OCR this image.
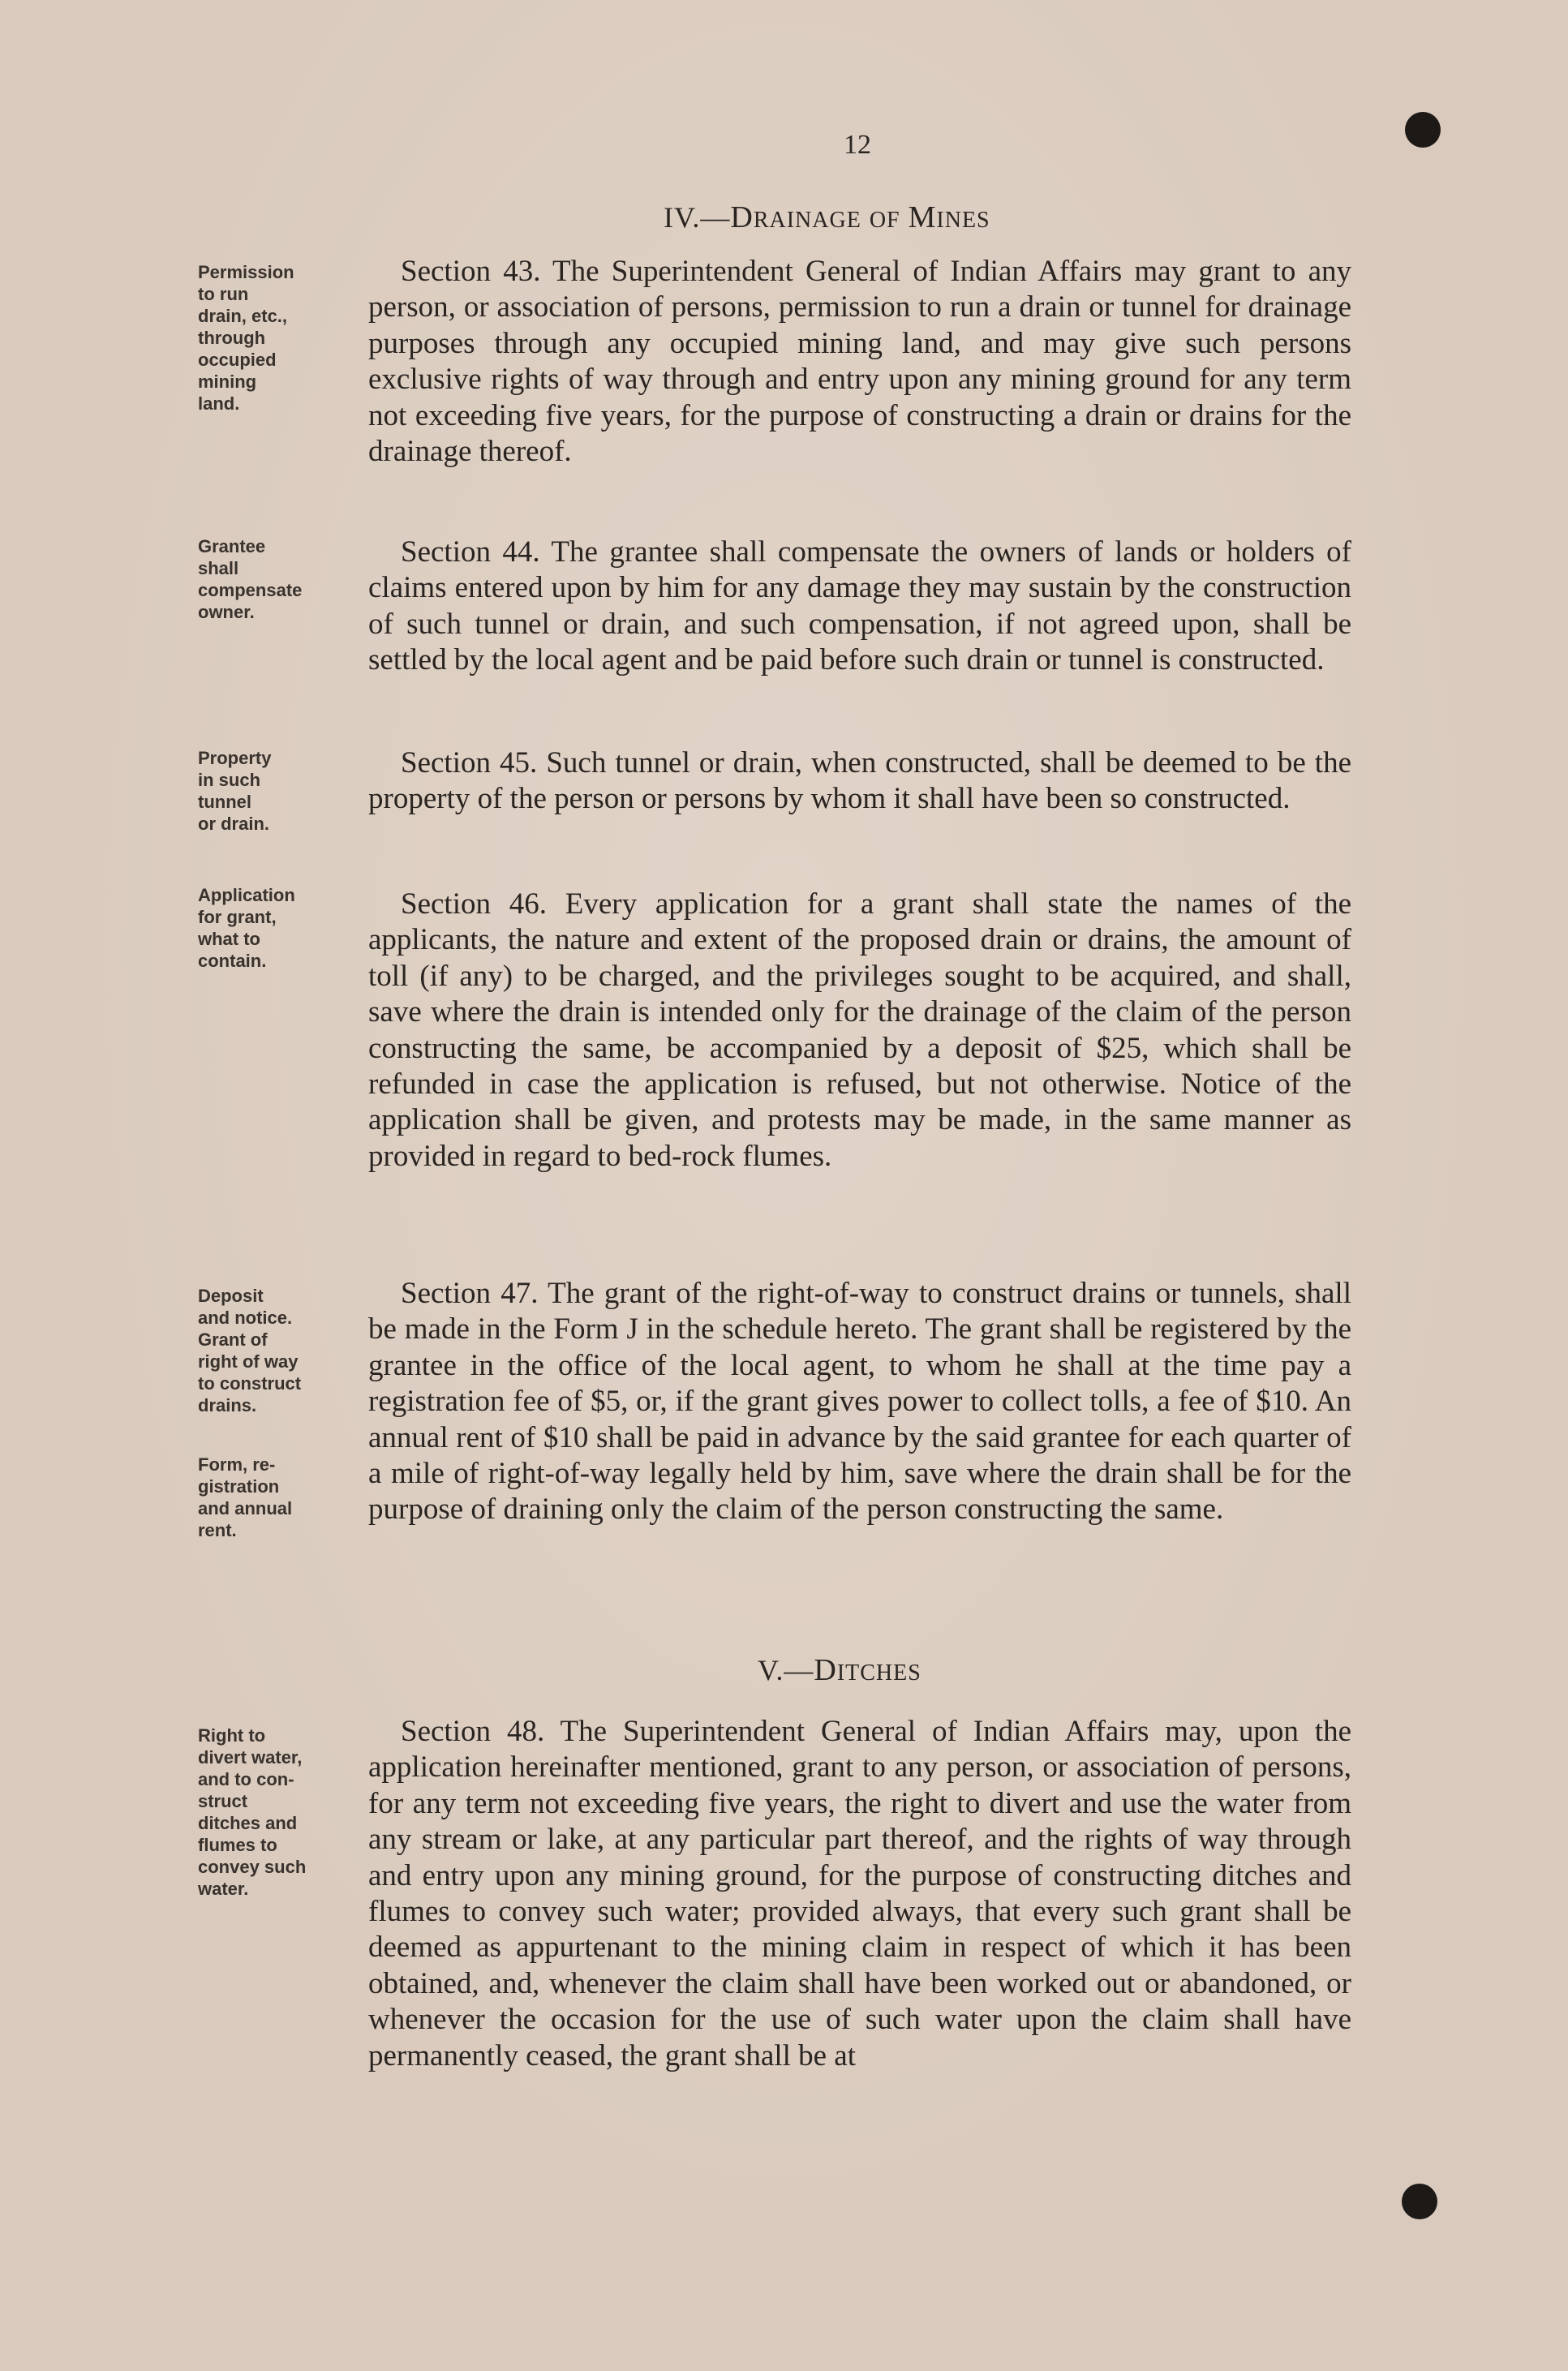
12
IV.—DRAINAGE OF MINES
V.—DITCHES
Permission
to run
drain, etc.,
through
occupied
mining
land.
Grantee
shall
compensate
owner.
Property
in such
tunnel
or drain.
Application
for grant,
what to
contain.
Deposit
and notice.
Grant of
right of way
to construct
drains.
Form, re-
gistration
and annual
rent.
Right to
divert water,
and to con-
struct
ditches and
flumes to
convey such
water.
Section 43. The Superintendent General of Indian Affairs may grant to any person, or association of persons, permission to run a drain or tunnel for drainage purposes through any occupied mining land, and may give such persons exclusive rights of way through and entry upon any mining ground for any term not exceeding five years, for the purpose of constructing a drain or drains for the drainage thereof.
Section 44. The grantee shall compensate the owners of lands or holders of claims entered upon by him for any damage they may sustain by the construction of such tunnel or drain, and such compensation, if not agreed upon, shall be settled by the local agent and be paid before such drain or tunnel is constructed.
Section 45. Such tunnel or drain, when constructed, shall be deemed to be the property of the person or persons by whom it shall have been so constructed.
Section 46. Every application for a grant shall state the names of the applicants, the nature and extent of the proposed drain or drains, the amount of toll (if any) to be charged, and the privileges sought to be acquired, and shall, save where the drain is intended only for the drainage of the claim of the person constructing the same, be accompanied by a deposit of $25, which shall be refunded in case the application is refused, but not otherwise. Notice of the application shall be given, and protests may be made, in the same manner as provided in regard to bed-rock flumes.
Section 47. The grant of the right-of-way to construct drains or tunnels, shall be made in the Form J in the schedule hereto. The grant shall be registered by the grantee in the office of the local agent, to whom he shall at the time pay a registration fee of $5, or, if the grant gives power to collect tolls, a fee of $10. An annual rent of $10 shall be paid in advance by the said grantee for each quarter of a mile of right-of-way legally held by him, save where the drain shall be for the purpose of draining only the claim of the person constructing the same.
Section 48. The Superintendent General of Indian Affairs may, upon the application hereinafter mentioned, grant to any person, or association of persons, for any term not exceeding five years, the right to divert and use the water from any stream or lake, at any particular part thereof, and the rights of way through and entry upon any mining ground, for the purpose of constructing ditches and flumes to convey such water; provided always, that every such grant shall be deemed as appurtenant to the mining claim in respect of which it has been obtained, and, whenever the claim shall have been worked out or abandoned, or whenever the occasion for the use of such water upon the claim shall have permanently ceased, the grant shall be at
